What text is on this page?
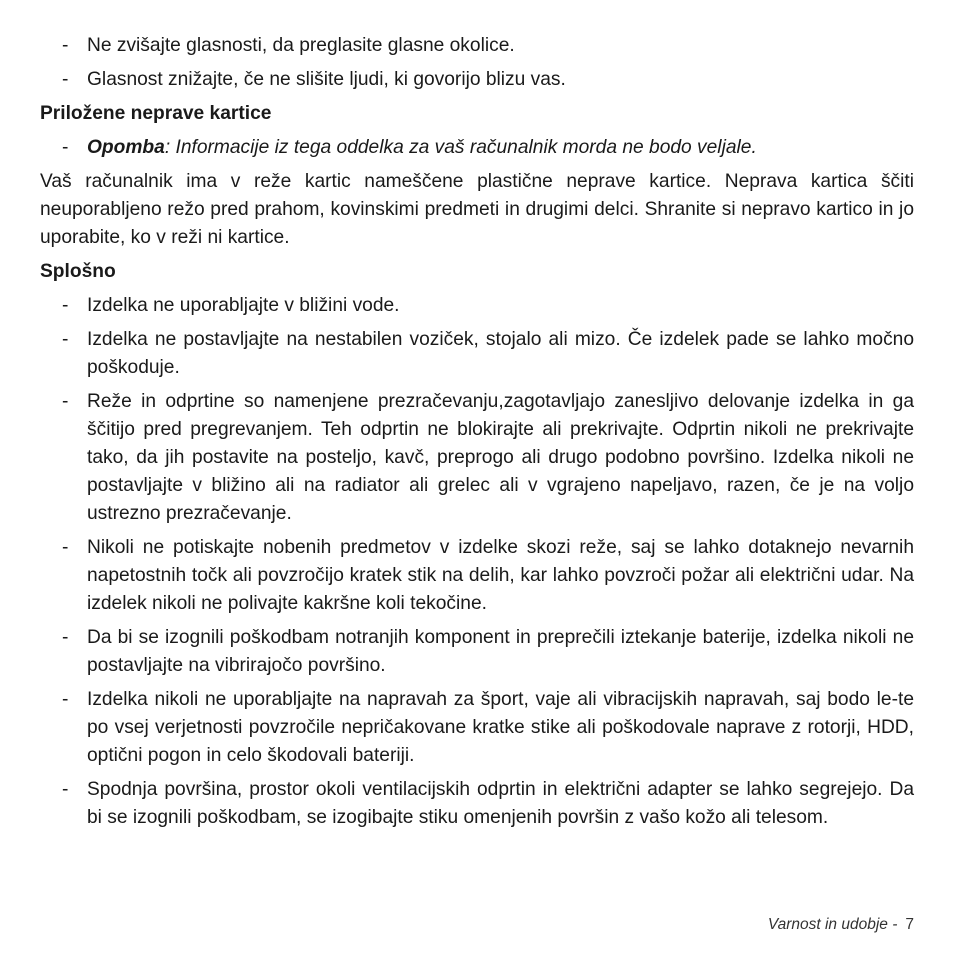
- Ne zvišajte glasnosti, da preglasite glasne okolice.
- Glasnost znižajte, če ne slišite ljudi, ki govorijo blizu vas.
Priložene neprave kartice
- Opomba: Informacije iz tega oddelka za vaš računalnik morda ne bodo veljale.
Vaš računalnik ima v reže kartic nameščene plastične neprave kartice. Neprava kartica ščiti neuporabljeno režo pred prahom, kovinskimi predmeti in drugimi delci. Shranite si nepravo kartico in jo uporabite, ko v reži ni kartice.
Splošno
- Izdelka ne uporabljajte v bližini vode.
- Izdelka ne postavljajte na nestabilen voziček, stojalo ali mizo. Če izdelek pade se lahko močno poškoduje.
- Reže in odprtine so namenjene prezračevanju,zagotavljajo zanesljivo delovanje izdelka in ga ščitijo pred pregrevanjem. Teh odprtin ne blokirajte ali prekrivajte. Odprtin nikoli ne prekrivajte tako, da jih postavite na posteljo, kavč, preprogo ali drugo podobno površino. Izdelka nikoli ne postavljajte v bližino ali na radiator ali grelec ali v vgrajeno napeljavo, razen, če je na voljo ustrezno prezračevanje.
- Nikoli ne potiskajte nobenih predmetov v izdelke skozi reže, saj se lahko dotaknejo nevarnih napetostnih točk ali povzročijo kratek stik na delih, kar lahko povzroči požar ali električni udar. Na izdelek nikoli ne polivajte kakršne koli tekočine.
- Da bi se izognili poškodbam notranjih komponent in preprečili iztekanje baterije, izdelka nikoli ne postavljajte na vibrirajočo površino.
- Izdelka nikoli ne uporabljajte na napravah za šport, vaje ali vibracijskih napravah, saj bodo le-te po vsej verjetnosti povzročile nepričakovane kratke stike ali poškodovale naprave z rotorji, HDD, optični pogon in celo škodovali bateriji.
- Spodnja površina, prostor okoli ventilacijskih odprtin in električni adapter se lahko segrejejo. Da bi se izognili poškodbam, se izogibajte stiku omenjenih površin z vašo kožo ali telesom.
Varnost in udobje - 7
